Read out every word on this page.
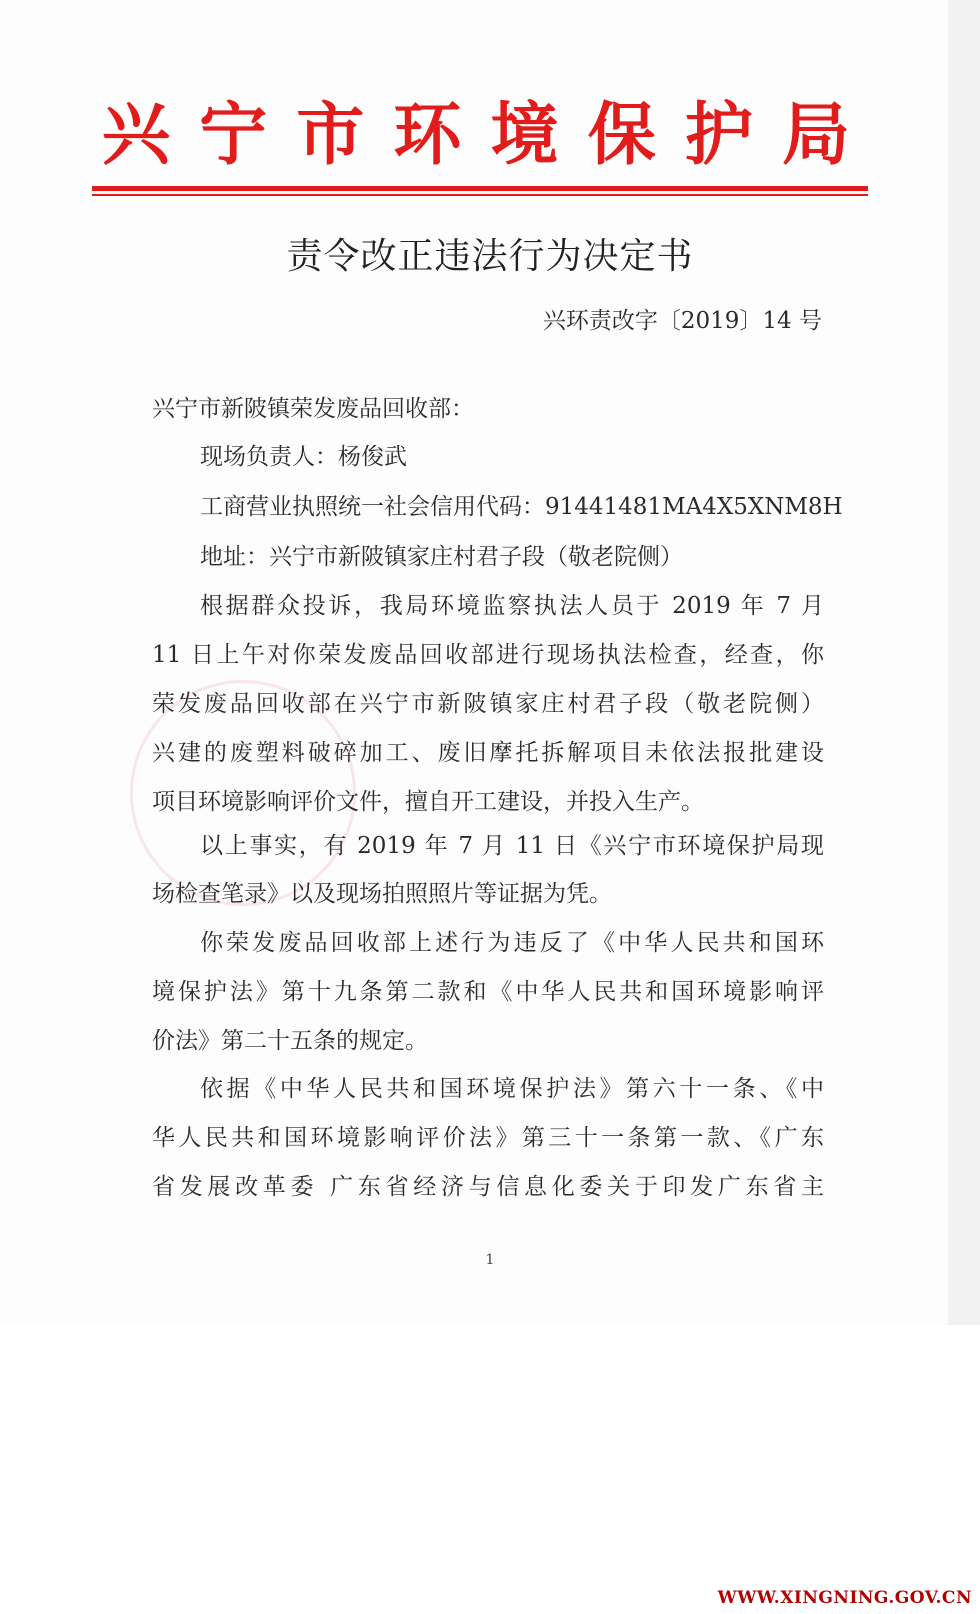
兴 宁 市 环 境 保 护 局
责令改正违法行为决定书
兴环责改字〔2019〕14 号
兴宁市新陂镇荣发废品回收部：
现场负责人：杨俊武
工商营业执照统一社会信用代码：91441481MA4X5XNM8H
地址：兴宁市新陂镇家庄村君子段（敬老院侧）
根据群众投诉，我局环境监察执法人员于 2019 年 7 月
11 日上午对你荣发废品回收部进行现场执法检查，经查，你
荣发废品回收部在兴宁市新陂镇家庄村君子段（敬老院侧）
兴建的废塑料破碎加工、废旧摩托拆解项目未依法报批建设
项目环境影响评价文件，擅自开工建设，并投入生产。
以上事实，有 2019 年 7 月 11 日《兴宁市环境保护局现
场检查笔录》以及现场拍照照片等证据为凭。
你荣发废品回收部上述行为违反了《中华人民共和国环
境保护法》第十九条第二款和《中华人民共和国环境影响评
价法》第二十五条的规定。
依据《中华人民共和国环境保护法》第六十一条、《中
华人民共和国环境影响评价法》第三十一条第一款、《广东
省发展改革委 广东省经济与信息化委关于印发广东省主
1
WWW.XINGNING.GOV.CN
